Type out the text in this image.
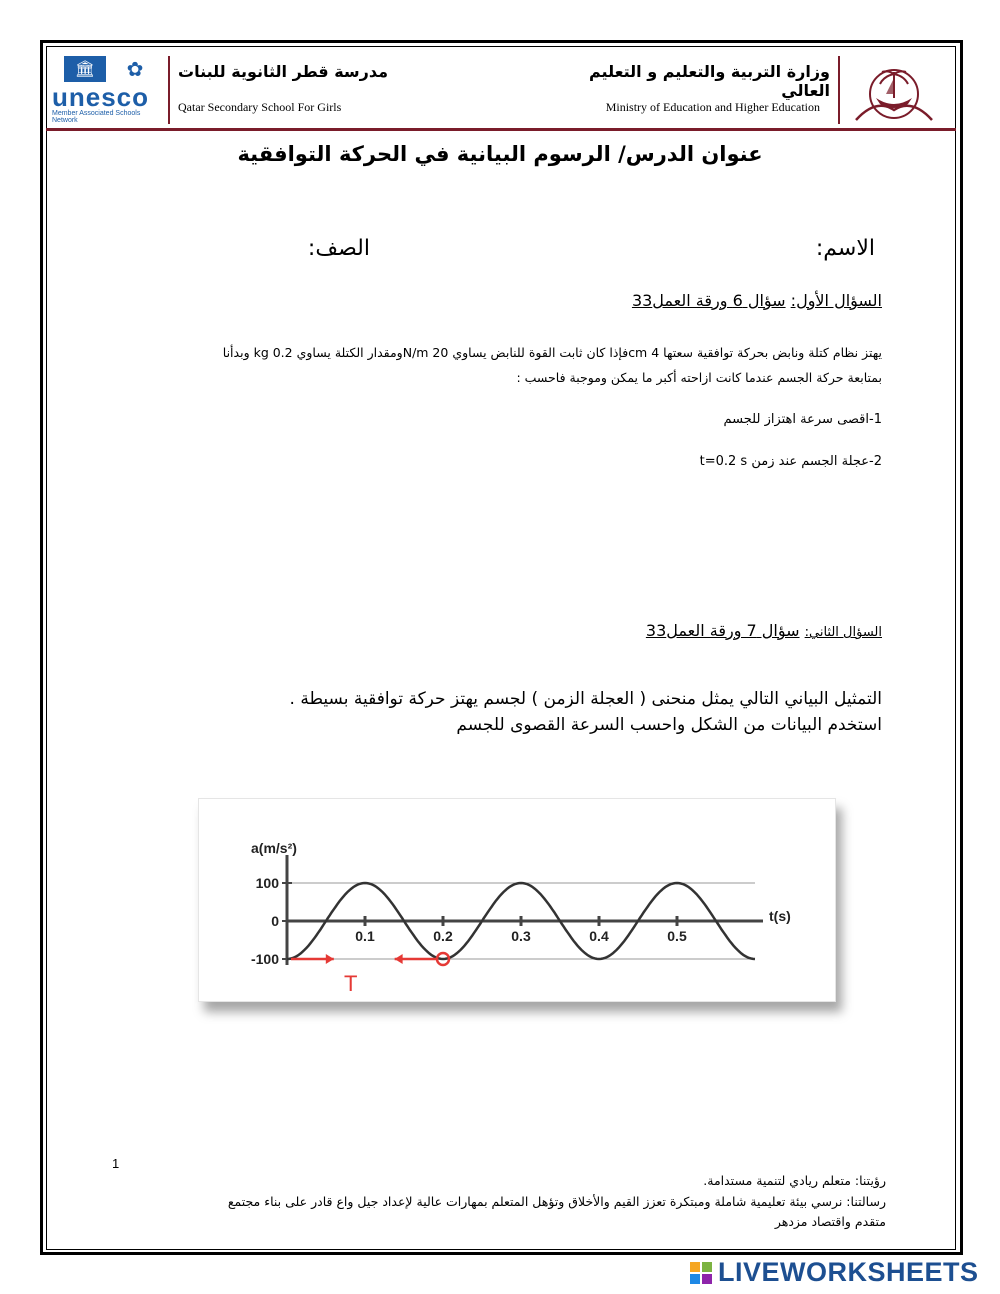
🏛	✿
unesco
Member Associated Schools Network
مدرسة قطر الثانوية للبنات
Qatar Secondary School For Girls
وزارة التربية والتعليم و التعليم العالي
Ministry of Education and Higher Education
عنوان الدرس/ الرسوم البيانية في الحركة التوافقية
الاسم:
الصف:
السؤال الأول: سؤال 6 ورقة العمل33
يهتز نظام كتلة ونابض بحركة توافقية سعتها 4 cmفإذا كان ثابت القوة للنابض يساوي N/m 20ومقدار الكتلة يساوي kg 0.2 وبدأنا
بمتابعة حركة الجسم عندما كانت ازاحته أكبر ما يمكن وموجبة فاحسب :
1-اقصى سرعة اهتزاز للجسم
2-عجلة الجسم عند زمن t=0.2 s
السؤال الثاني: سؤال 7 ورقة العمل33
التمثيل البياني التالي يمثل منحنى ( العجلة الزمن ) لجسم يهتز حركة توافقية بسيطة .
استخدم البيانات من الشكل واحسب السرعة القصوى للجسم
a(m/s²)
t(s)
T
100
0
-100
0.1	0.2	0.3	0.4	0.5
1
رؤيتنا: متعلم ريادي لتنمية مستدامة.
رسالتنا: نرسي بيئة تعليمية شاملة ومبتكرة تعزز القيم والأخلاق وتؤهل المتعلم بمهارات عالية لإعداد جيل واع قادر على بناء مجتمع
متقدم واقتصاد مزدهر
LIVEWORKSHEETS
